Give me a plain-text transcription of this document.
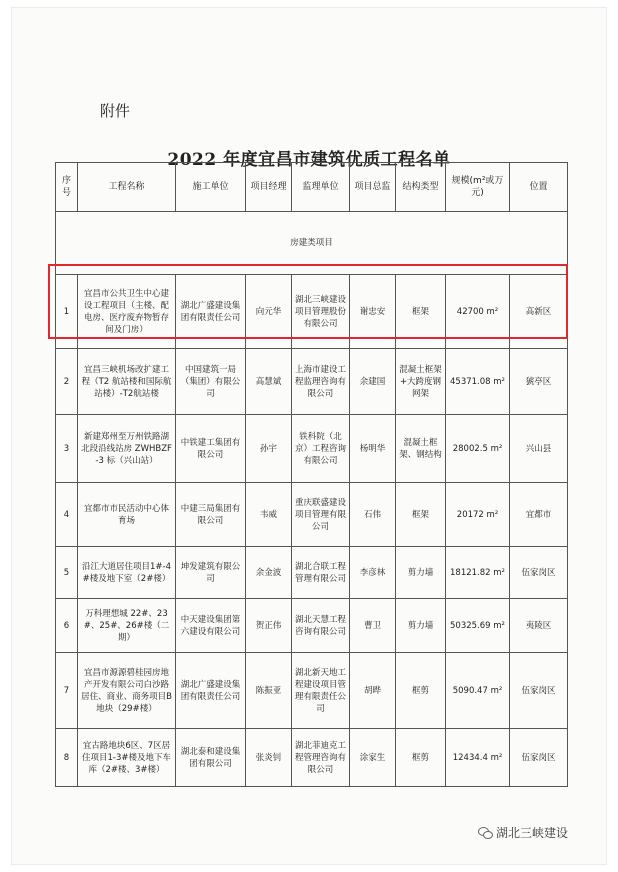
附件
2022 年度宜昌市建筑优质工程名单
序号	工程名称	施工单位	项目经理	监理单位	项目总监	结构类型	规模(m²或万元)	位置
房建类项目								
1	宜昌市公共卫生中心建设工程项目（主楼、配电房、医疗废弃物暂存间及门房）	湖北广盛建设集团有限责任公司	向元华	湖北三峡建设项目管理股份有限公司	谢忠安	框架	42700 m²	高新区
2	宜昌三峡机场改扩建工程（T2 航站楼和国际航站楼）-T2航站楼	中国建筑一局（集团）有限公司	高慧斌	上海市建设工程监理咨询有限公司	余建国	混凝土框架+大跨度钢网架	45371.08 m²	猇亭区
3	新建郑州至万州铁路湖北段沿线站房 ZWHBZF-3 标（兴山站）	中铁建工集团有限公司	孙宇	铁科院（北京）工程咨询有限公司	杨明华	混凝土框架、钢结构	28002.5 m²	兴山县
4	宜都市市民活动中心体育场	中建三局集团有限公司	韦威	重庆联盛建设项目管理有限公司	石伟	框架	20172 m²	宜都市
5	沿江大道居住项目1#-4#楼及地下室（2#楼）	坤发建筑有限公司	余金波	湖北合联工程管理有限公司	李彦林	剪力墙	18121.82 m²	伍家岗区
6	万科理想城 22#、23#、25#、26#楼（二期）	中天建设集团第六建设有限公司	贺正伟	湖北天慧工程咨询有限公司	曹卫	剪力墙	50325.69 m²	夷陵区
7	宜昌市源源碧桂园房地产开发有限公司白沙路居住、商业、商务项目B地块（29#楼）	湖北广盛建设集团有限责任公司	陈振亚	湖北新天地工程建设项目管理有限责任公司	胡晔	框剪	5090.47 m²	伍家岗区
8	宜古路地块6区、7区居住项目1-3#楼及地下车库（2#楼、3#楼）	湖北泰和建设集团有限公司	张炎钊	湖北菲迪克工程管理咨询有限公司	涂家生	框剪	12434.4 m²	伍家岗区
湖北三峡建设
